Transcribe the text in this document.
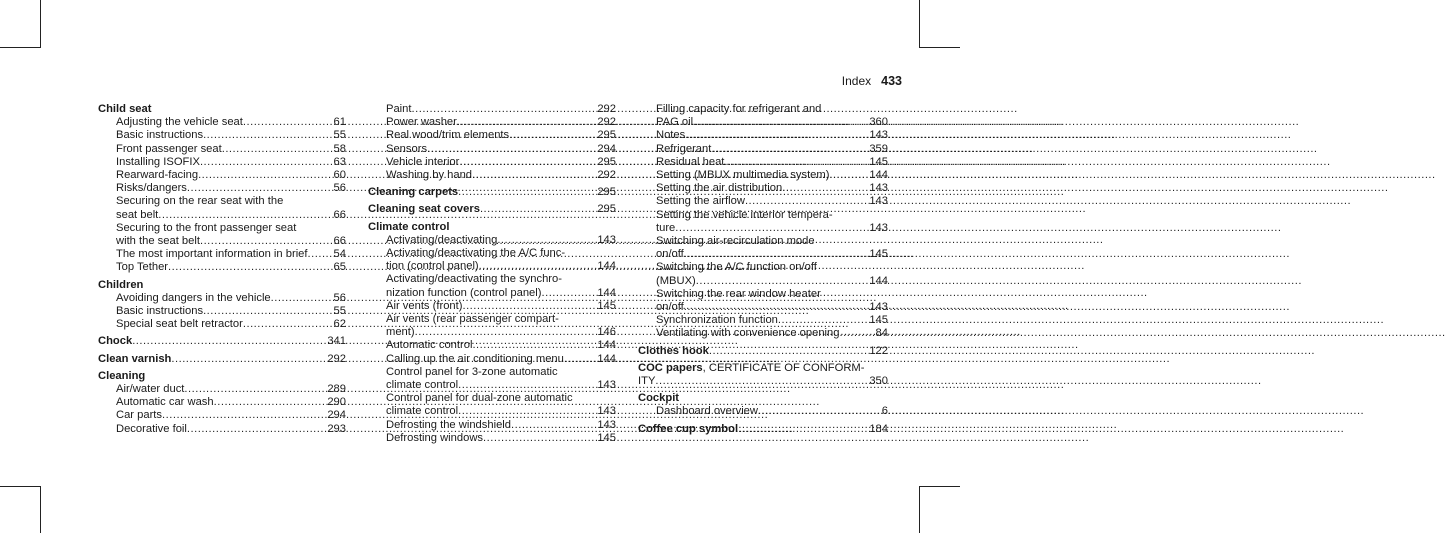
Index 433
Child seat
Adjusting the vehicle seat .....	61
Basic instructions .....	55
Front passenger seat .....	58
Installing ISOFIX .....	63
Rearward-facing .....	60
Risks/dangers .....	56
Securing on the rear seat with the
seat belt .....	66
Securing to the front passenger seat
with the seat belt .....	66
The most important information in brief .....	54
Top Tether .....	65
Children
Avoiding dangers in the vehicle .....	56
Basic instructions .....	55
Special seat belt retractor .....	62
Chock .....	341
Clean varnish .....	292
Cleaning
Air/water duct .....	289
Automatic car wash .....	290
Car parts .....	294
Decorative foil .....	293
Paint .....	292
Power washer .....	292
Real wood/trim elements .....	295
Sensors .....	294
Vehicle interior .....	295
Washing by hand .....	292
Cleaning carpets .....	295
Cleaning seat covers .....	295
Climate control
Activating/deactivating .....	143
Activating/deactivating the A/C func-
tion (control panel) .....	144
Activating/deactivating the synchro-
nization function (control panel) .....	144
Air vents (front) .....	145
Air vents (rear passenger compart-
ment) .....	146
Automatic control .....	144
Calling up the air conditioning menu .....	144
Control panel for 3-zone automatic
climate control .....	143
Control panel for dual-zone automatic
climate control .....	143
Defrosting the windshield .....	143
Defrosting windows .....	145
Filling capacity for refrigerant and
PAG oil .....	360
Notes .....	143
Refrigerant .....	359
Residual heat .....	145
Setting (MBUX multimedia system) .....	144
Setting the air distribution .....	143
Setting the airflow .....	143
Setting the vehicle interior tempera-
ture .....	143
Switching air-recirculation mode
on/off .....	145
Switching the A/C function on/off
(MBUX) .....	144
Switching the rear window heater
on/off .....	143
Synchronization function .....	145
Ventilating with convenience opening .....	84
Clothes hook .....	122
COC papers, CERTIFICATE OF CONFORM-
ITY .....	350
Cockpit
Dashboard overview .....	6
Coffee cup symbol .....	184
